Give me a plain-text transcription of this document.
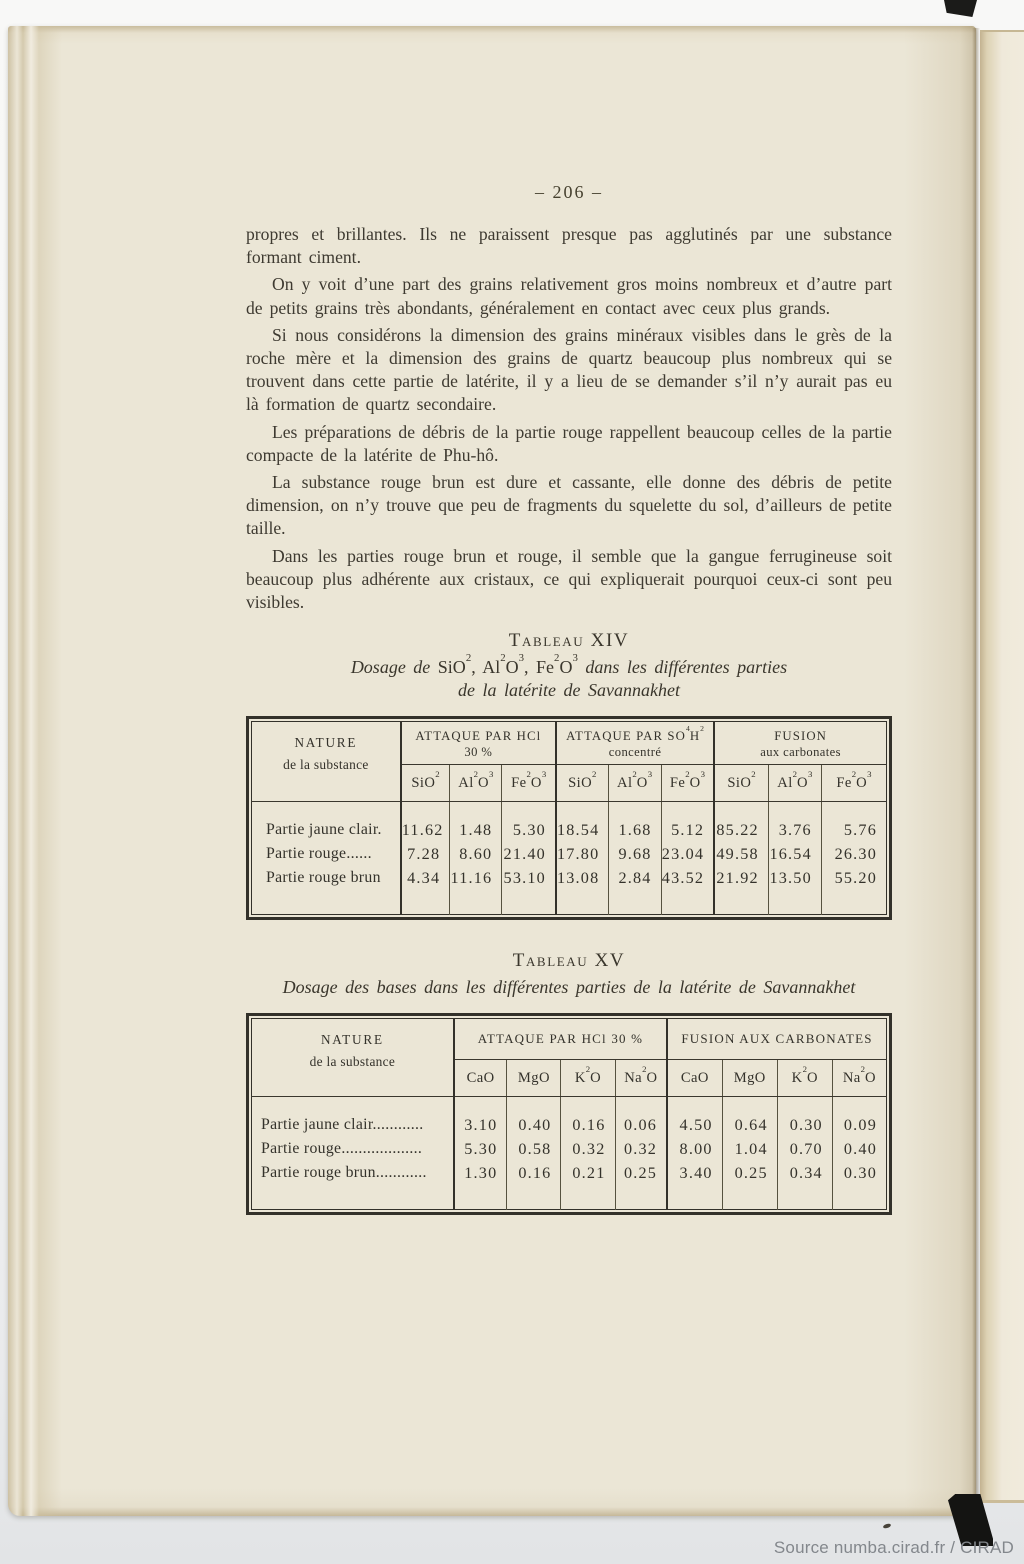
– 206 –

propres et brillantes. Ils ne paraissent presque pas agglutinés par une substance formant ciment.

On y voit d’une part des grains relativement gros moins nombreux et d’autre part de petits grains très abondants, généralement en contact avec ceux plus grands.

Si nous considérons la dimension des grains minéraux visibles dans le grès de la roche mère et la dimension des grains de quartz beaucoup plus nombreux qui se trouvent dans cette partie de latérite, il y a lieu de se demander s’il n’y aurait pas eu là formation de quartz secondaire.

Les préparations de débris de la partie rouge rappellent beaucoup celles de la partie compacte de la latérite de Phu-hô.

La substance rouge brun est dure et cassante, elle donne des débris de petite dimension, on n’y trouve que peu de fragments du squelette du sol, d’ailleurs de petite taille.

Dans les parties rouge brun et rouge, il semble que la gangue ferrugineuse soit beaucoup plus adhérente aux cristaux, ce qui expliquerait pourquoi ceux-ci sont peu visibles.

Tableau XIV
Dosage de SiO$^2$, $Al^2O^3$, $Fe^2O^3$ dans les différentes parties
de la latérite de Savannakhet
NATURE
de la substance

ATTAQUE PAR HCl
30 %

ATTAQUE PAR $SO^4H^2$
concentré

FUSION
aux carbonates

	SiO$^2$	$Al^2O^3$	$Fe^2O^3$	SiO$^2$	$Al^2O^3$	$Fe^2O^3$	SiO$^2$	$Al^2O^3$	$Fe^2O^3$
Partie jaune clair.	11.62	1.48	5.30	18.54	1.68	5.12	85.22	3.76	5.76
Partie rouge......	7.28	8.60	21.40	17.80	9.68	23.04	49.58	16.54	26.30
Partie rouge brun	4.34	11.16	53.10	13.08	2.84	43.52	21.92	13.50	55.20
Tableau XV
Dosage des bases dans les différentes parties de la latérite de Savannakhet
NATURE
de la substance	ATTAQUE PAR HCl 30 %				FUSION AUX CARBONATES			
	CaO	MgO	$K^2O$	Na$^2$O	CaO	MgO	$K^2O$	Na$^2$O
Partie jaune clair............	3.10	0.40	0.16	0.06	4.50	0.64	0.30	0.09
Partie rouge...................	5.30	0.58	0.32	0.32	8.00	1.04	0.70	0.40
Partie rouge brun............	1.30	0.16	0.21	0.25	3.40	0.25	0.34	0.30
Source numba.cirad.fr / CIRAD
